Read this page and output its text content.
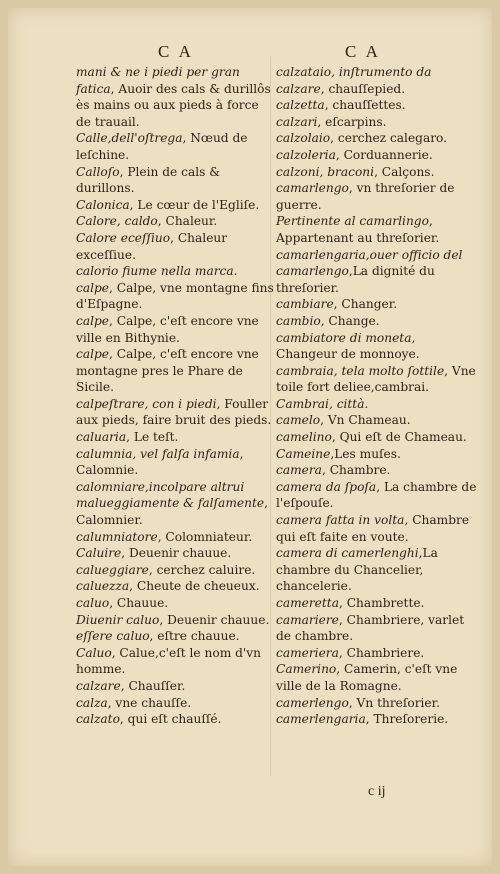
C A	C A
mani & ne i piedi per gran fatica, Auoir des cals & durillôs ès mains ou aux pieds à force de trauail.
Calle,dell'oſtrega, Nœud de leſchine.
Calloſo, Plein de cals & durillons.
Calonica, Le cœur de l'Egliſe.
Calore, caldo, Chaleur.
Calore eceſſiuo, Chaleur exceſſiue.
calorio fiume nella marca.
calpe, Calpe, vne montagne fins d'Eſpagne.
calpe, Calpe, c'eſt encore vne ville en Bithynie.
calpe, Calpe, c'eſt encore vne montagne pres le Phare de Sicile.
calpeſtrare, con i piedi, Fouller aux pieds, faire bruit des pieds.
caluaria, Le teſt.
calumnia, vel falſa infamia, Calomnie.
calomniare,incolpare altrui malueggiamente & falſamente, Calomnier.
calumniatore, Colomniateur.
Caluire, Deuenir chauue.
calueggiare, cerchez caluire.
caluezza, Cheute de cheueux.
caluo, Chauue.
Diuenir caluo, Deuenir chauue.
eſſere caluo, eſtre chauue.
Caluo, Calue,c'eſt le nom d'vn homme.
calzare, Chauſſer.
calza, vne chauſſe.
calzato, qui eſt chauſſé.
calzataio, inſtrumento da calzare, chauſſepied.
calzetta, chauſſettes.
calzari, eſcarpins.
calzolaio, cerchez calegaro.
calzoleria, Corduannerie.
calzoni, braconi, Calçons.
camarlengo, vn threſorier de guerre.
Pertinente al camarlingo, Appartenant au threſorier.
camarlengaria,ouer officio del camarlengo,La dignité du threſorier.
cambiare, Changer.
cambio, Change.
cambiatore di moneta, Changeur de monnoye.
cambraia, tela molto ſottile, Vne toile fort deliee,cambrai.
Cambrai, città.
camelo, Vn Chameau.
camelino, Qui eſt de Chameau.
Cameine,Les muſes.
camera, Chambre.
camera da ſpoſa, La chambre de l'eſpouſe.
camera fatta in volta, Chambre qui eſt faite en voute.
camera di camerlenghi,La chambre du Chancelier, chancelerie.
cameretta, Chambrette.
camariere, Chambriere, varlet de chambre.
cameriera, Chambriere.
Camerino, Camerin, c'eſt vne ville de la Romagne.
camerlengo, Vn threſorier.
camerlengaria, Threſorerie.
c ij
